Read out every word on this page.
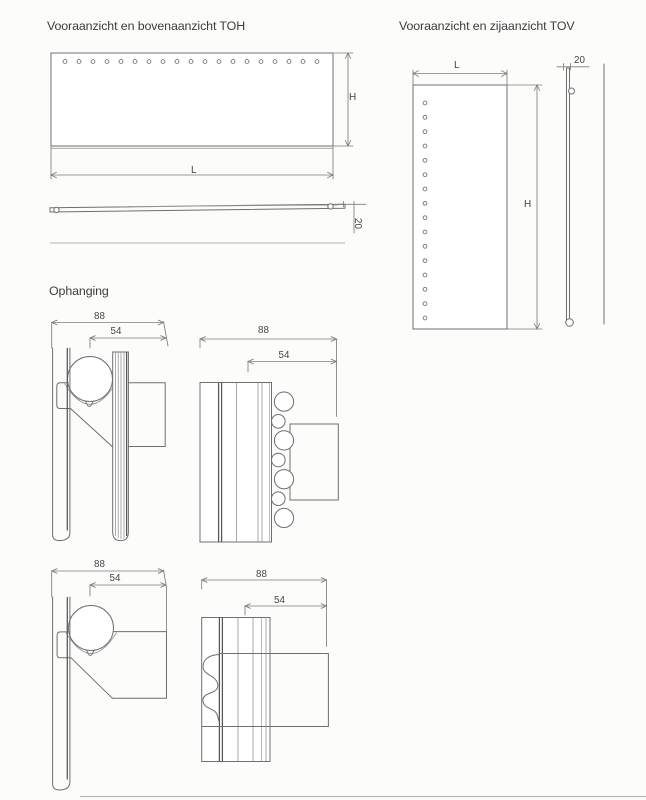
Vooraanzicht en bovenaanzicht TOH	Vooraanzicht en zijaanzicht TOV
Ophanging
H
L
20
L
H
20
88
54	88
54
88
54	88
54
